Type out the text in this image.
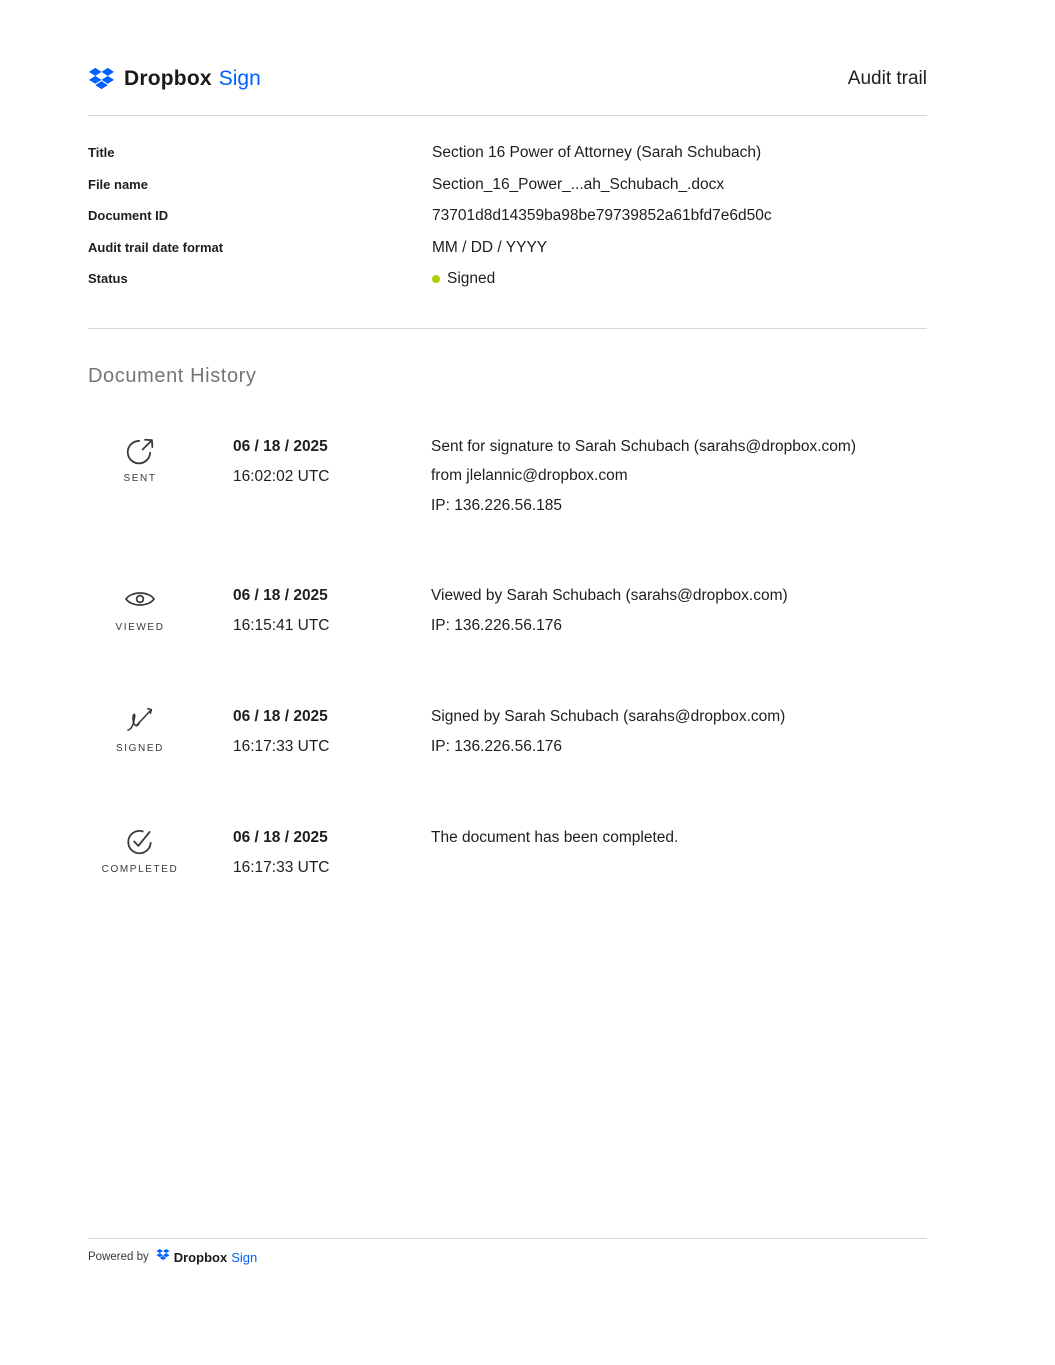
Dropbox Sign	Audit trail
Title	Section 16 Power of Attorney (Sarah Schubach)
File name	Section_16_Power_...ah_Schubach_.docx
Document ID	73701d8d14359ba98be79739852a61bfd7e6d50c
Audit trail date format	MM / DD / YYYY
Status	Signed
Document History
SENT
06 / 18 / 2025
16:02:02 UTC
Sent for signature to Sarah Schubach (sarahs@dropbox.com)
from jlelannic@dropbox.com
IP: 136.226.56.185
VIEWED
06 / 18 / 2025
16:15:41 UTC
Viewed by Sarah Schubach (sarahs@dropbox.com)
IP: 136.226.56.176
SIGNED
06 / 18 / 2025
16:17:33 UTC
Signed by Sarah Schubach (sarahs@dropbox.com)
IP: 136.226.56.176
COMPLETED
06 / 18 / 2025
16:17:33 UTC
The document has been completed.
Powered by Dropbox Sign
